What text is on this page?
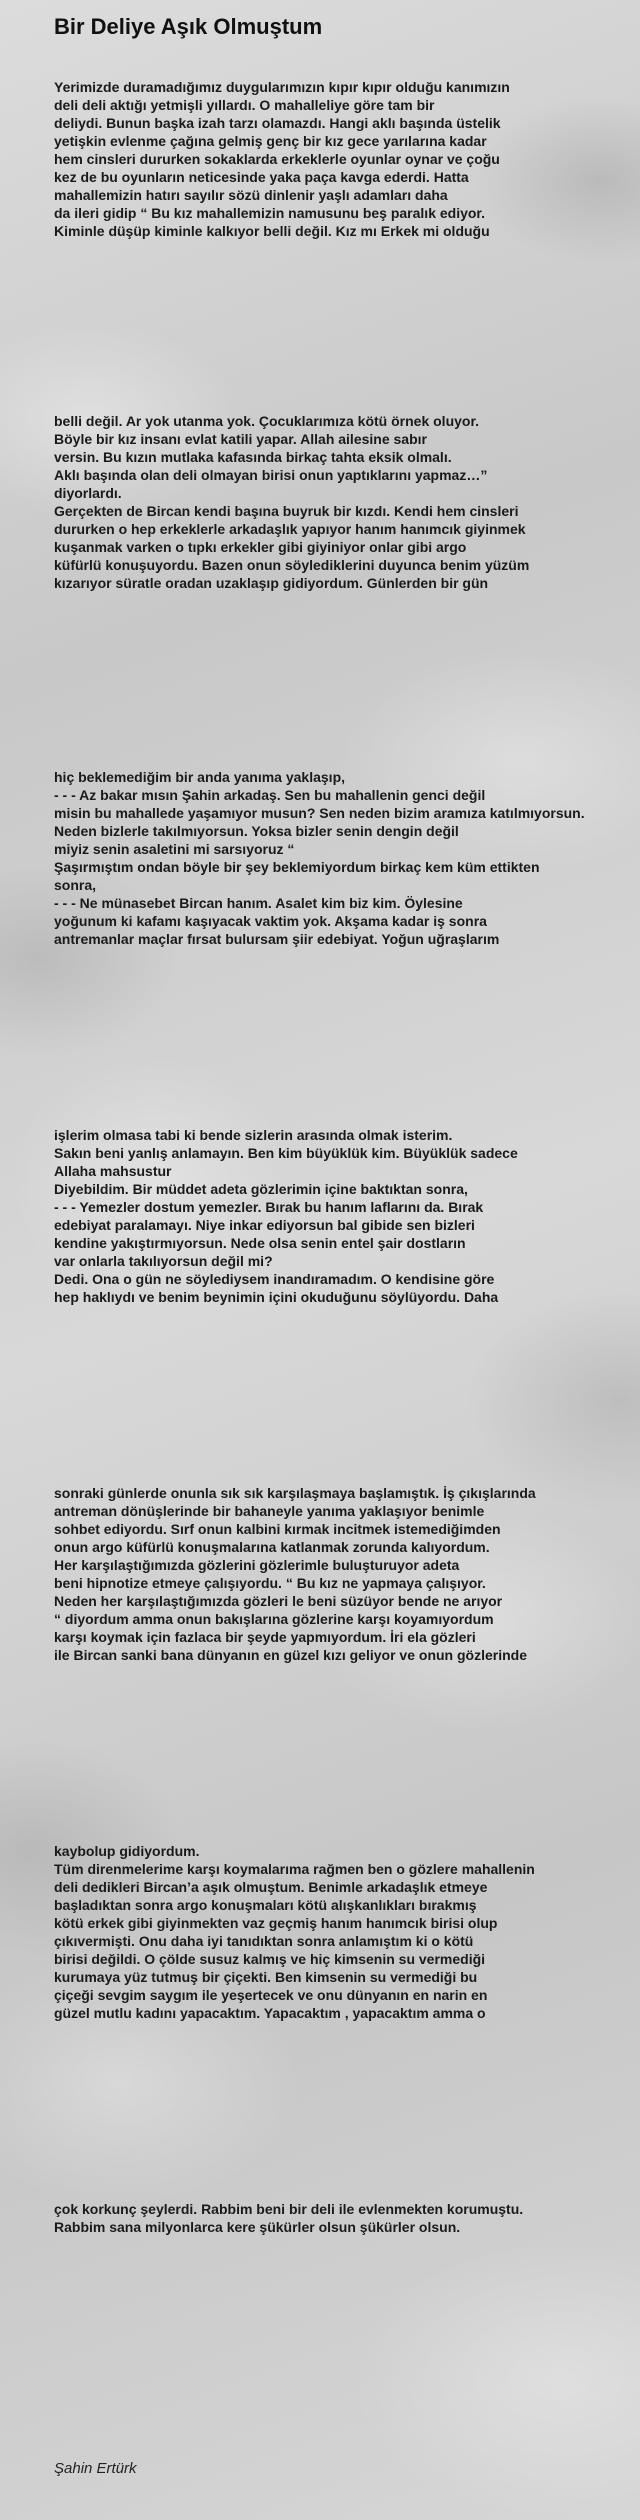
Bir Deliye Aşık Olmuştum
Yerimizde duramadığımız duygularımızın kıpır kıpır olduğu kanımızın
deli deli aktığı yetmişli yıllardı. O mahalleliye göre tam bir
deliydi. Bunun başka izah tarzı olamazdı. Hangi aklı başında üstelik
yetişkin evlenme çağına gelmiş genç bir kız gece yarılarına kadar
hem cinsleri dururken sokaklarda erkeklerle oyunlar oynar ve çoğu
kez de bu oyunların neticesinde yaka paça kavga ederdi. Hatta
mahallemizin hatırı sayılır sözü dinlenir yaşlı adamları daha
da ileri gidip “ Bu kız mahallemizin namusunu beş paralık ediyor.
Kiminle düşüp kiminle kalkıyor belli değil. Kız mı Erkek mi olduğu
belli değil. Ar yok utanma yok. Çocuklarımıza kötü örnek oluyor.
Böyle bir kız insanı evlat katili yapar. Allah ailesine sabır
versin. Bu kızın mutlaka kafasında birkaç tahta eksik olmalı.
Aklı başında olan deli olmayan birisi onun yaptıklarını yapmaz…”
diyorlardı.
Gerçekten de Bircan kendi başına buyruk bir kızdı. Kendi hem cinsleri
dururken o hep erkeklerle arkadaşlık yapıyor hanım hanımcık giyinmek
kuşanmak varken o tıpkı erkekler gibi giyiniyor onlar gibi argo
küfürlü konuşuyordu. Bazen onun söylediklerini duyunca benim yüzüm
kızarıyor süratle oradan uzaklaşıp gidiyordum. Günlerden bir gün
hiç beklemediğim bir anda yanıma yaklaşıp,
- - - Az bakar mısın Şahin arkadaş. Sen bu mahallenin genci değil
misin bu mahallede yaşamıyor musun? Sen neden bizim aramıza katılmıyorsun.
Neden bizlerle takılmıyorsun. Yoksa bizler senin dengin değil
miyiz senin asaletini mi sarsıyoruz “
Şaşırmıştım ondan böyle bir şey beklemiyordum birkaç kem küm ettikten
sonra,
- - - Ne münasebet Bircan hanım. Asalet kim biz kim. Öylesine
yoğunum ki kafamı kaşıyacak vaktim yok. Akşama kadar iş sonra
antremanlar maçlar fırsat bulursam şiir edebiyat. Yoğun uğraşlarım
işlerim olmasa tabi ki bende sizlerin arasında olmak isterim.
Sakın beni yanlış anlamayın. Ben kim büyüklük kim. Büyüklük sadece
Allaha mahsustur
Diyebildim. Bir müddet adeta gözlerimin içine baktıktan sonra,
- - - Yemezler dostum yemezler. Bırak bu hanım laflarını da. Bırak
edebiyat paralamayı. Niye inkar ediyorsun bal gibide sen bizleri
kendine yakıştırmıyorsun. Nede olsa senin entel şair dostların
var onlarla takılıyorsun değil mi?
Dedi. Ona o gün ne söylediysem inandıramadım. O kendisine göre
hep haklıydı ve benim beynimin içini okuduğunu söylüyordu. Daha
sonraki günlerde onunla sık sık karşılaşmaya başlamıştık. İş çıkışlarında
antreman dönüşlerinde bir bahaneyle yanıma yaklaşıyor benimle
sohbet ediyordu. Sırf onun kalbini kırmak incitmek istemediğimden
onun argo küfürlü konuşmalarına katlanmak zorunda kalıyordum.
Her karşılaştığımızda gözlerini gözlerimle buluşturuyor adeta
beni hipnotize etmeye çalışıyordu. “ Bu kız ne yapmaya çalışıyor.
Neden her karşılaştığımızda gözleri le beni süzüyor bende ne arıyor
“ diyordum amma onun bakışlarına gözlerine karşı koyamıyordum
karşı koymak için fazlaca bir şeyde yapmıyordum. İri ela gözleri
ile Bircan sanki bana dünyanın en güzel kızı geliyor ve onun gözlerinde
kaybolup gidiyordum.
Tüm direnmelerime karşı koymalarıma rağmen ben o gözlere mahallenin
deli dedikleri Bircan’a aşık olmuştum. Benimle arkadaşlık etmeye
başladıktan sonra argo konuşmaları kötü alışkanlıkları bırakmış
kötü erkek gibi giyinmekten vaz geçmiş hanım hanımcık birisi olup
çıkıvermişti. Onu daha iyi tanıdıktan sonra anlamıştım ki o kötü
birisi değildi. O çölde susuz kalmış ve hiç kimsenin su vermediği
kurumaya yüz tutmuş bir çiçekti. Ben kimsenin su vermediği bu
çiçeği sevgim saygım ile yeşertecek ve onu dünyanın en narin en
güzel mutlu kadını yapacaktım. Yapacaktım , yapacaktım amma o
çok korkunç şeylerdi. Rabbim beni bir deli ile evlenmekten korumuştu.
Rabbim sana milyonlarca kere şükürler olsun şükürler olsun.
Şahin Ertürk
